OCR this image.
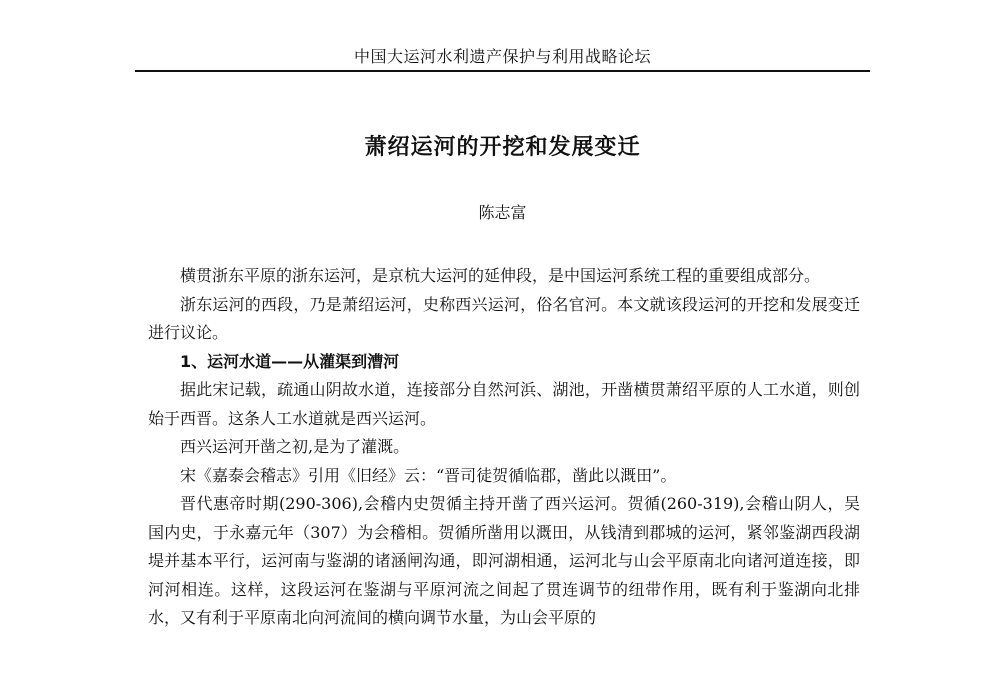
中国大运河水利遗产保护与利用战略论坛
萧绍运河的开挖和发展变迁
陈志富

横贯浙东平原的浙东运河，是京杭大运河的延伸段，是中国运河系统工程的重要组成部分。

浙东运河的西段，乃是萧绍运河，史称西兴运河，俗名官河。本文就该段运河的开挖和发展变迁进行议论。

1、运河水道——从灌渠到漕河

据此宋记载，疏通山阴故水道，连接部分自然河浜、湖池，开凿横贯萧绍平原的人工水道，则创始于西晋。这条人工水道就是西兴运河。

西兴运河开凿之初,是为了灌溉。

宋《嘉泰会稽志》引用《旧经》云：“晋司徒贺循临郡，凿此以溉田”。

晋代惠帝时期(290-306),会稽内史贺循主持开凿了西兴运河。贺循(260-319),会稽山阴人，吴国内史，于永嘉元年（307）为会稽相。贺循所凿用以溉田，从钱清到郡城的运河，紧邻鉴湖西段湖堤并基本平行，运河南与鉴湖的诸涵闸沟通，即河湖相通，运河北与山会平原南北向诸河道连接，即河河相连。这样，这段运河在鉴湖与平原河流之间起了贯连调节的纽带作用，既有利于鉴湖向北排水，又有利于平原南北向河流间的横向调节水量，为山会平原的
